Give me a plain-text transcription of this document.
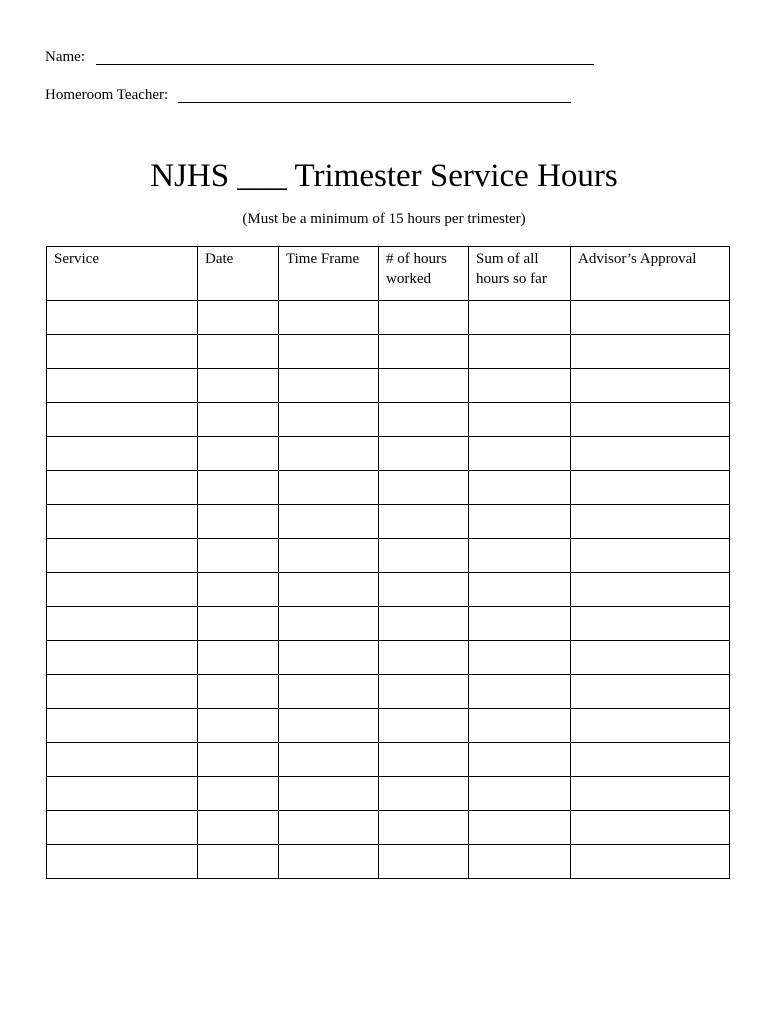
Name:
Homeroom Teacher:
NJHS ___ Trimester Service Hours
(Must be a minimum of 15 hours per trimester)
Service	Date	Time Frame	# of hours worked	Sum of all hours so far	Advisor’s Approval
